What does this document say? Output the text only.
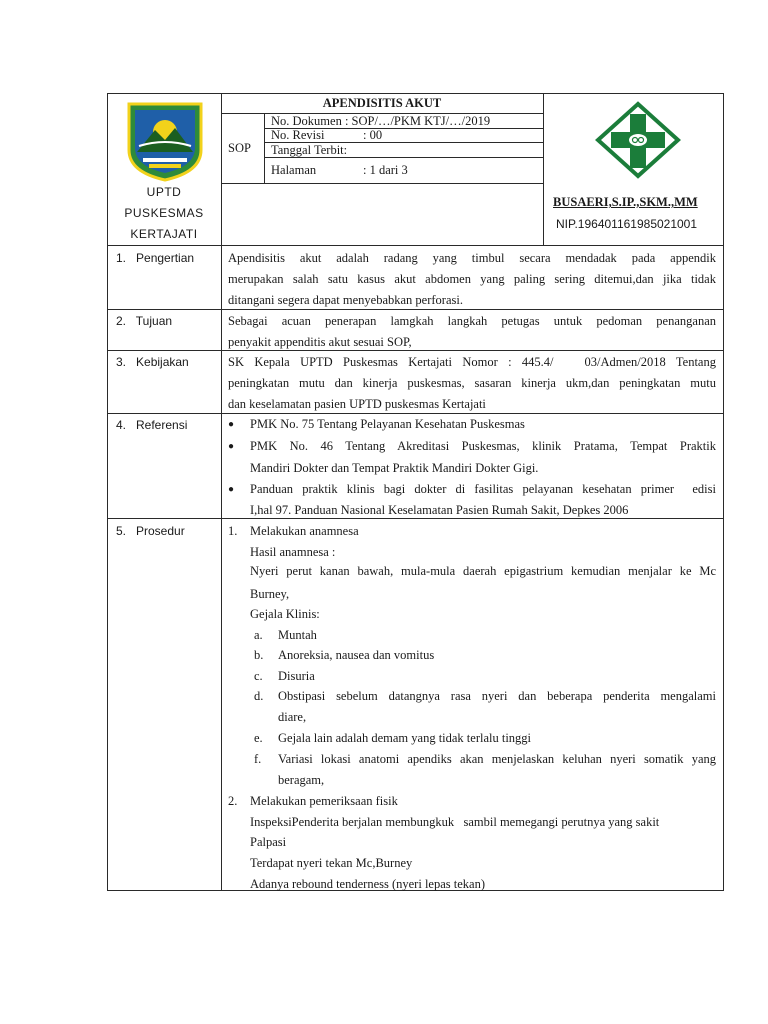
APENDISITIS AKUT
SOP
No. Dokumen : SOP/…/PKM KTJ/…/2019
No. Revisi	: 00
Tanggal Terbit:
Halaman	: 1 dari 3
UPTD
PUSKESMAS
KERTAJATI
BUSAERI,S.IP.,SKM.,MM
NIP.196401161985021001
1.   Pengertian	Apendisitis akut adalah radang yang timbul secara mendadak pada appendik
merupakan salah satu kasus akut abdomen yang paling sering ditemui,dan jika tidak
ditangani segera dapat menyebabkan perforasi.
2.   Tujuan	Sebagai acuan penerapan lamgkah langkah petugas untuk pedoman penanganan
penyakit appenditis akut sesuai SOP,
3.   Kebijakan	SK Kepala UPTD Puskesmas Kertajati Nomor : 445.4/   03/Admen/2018 Tentang
peningkatan mutu dan kinerja puskesmas, sasaran kinerja ukm,dan peningkatan mutu
dan keselamatan pasien UPTD puskesmas Kertajati
4.   Referensi	● PMK No. 75 Tentang Pelayanan Kesehatan Puskesmas
● PMK No. 46 Tentang Akreditasi Puskesmas, klinik Pratama, Tempat Praktik
Mandiri Dokter dan Tempat Praktik Mandiri Dokter Gigi.
● Panduan praktik klinis bagi dokter di fasilitas pelayanan kesehatan primer  edisi
I,hal 97. Panduan Nasional Keselamatan Pasien Rumah Sakit, Depkes 2006
5.   Prosedur	1. Melakukan anamnesa
Hasil anamnesa :
Nyeri perut kanan bawah, mula-mula daerah epigastrium kemudian menjalar ke Mc
Burney,
Gejala Klinis:
a. Muntah
b. Anoreksia, nausea dan vomitus
c. Disuria
d. Obstipasi sebelum datangnya rasa nyeri dan beberapa penderita mengalami
diare,
e. Gejala lain adalah demam yang tidak terlalu tinggi
f. Variasi lokasi anatomi apendiks akan menjelaskan keluhan nyeri somatik yang
beragam,
2. Melakukan pemeriksaan fisik
InspeksiPenderita berjalan membungkuk   sambil memegangi perutnya yang sakit
Palpasi
Terdapat nyeri tekan Mc,Burney
Adanya rebound tenderness (nyeri lepas tekan)
